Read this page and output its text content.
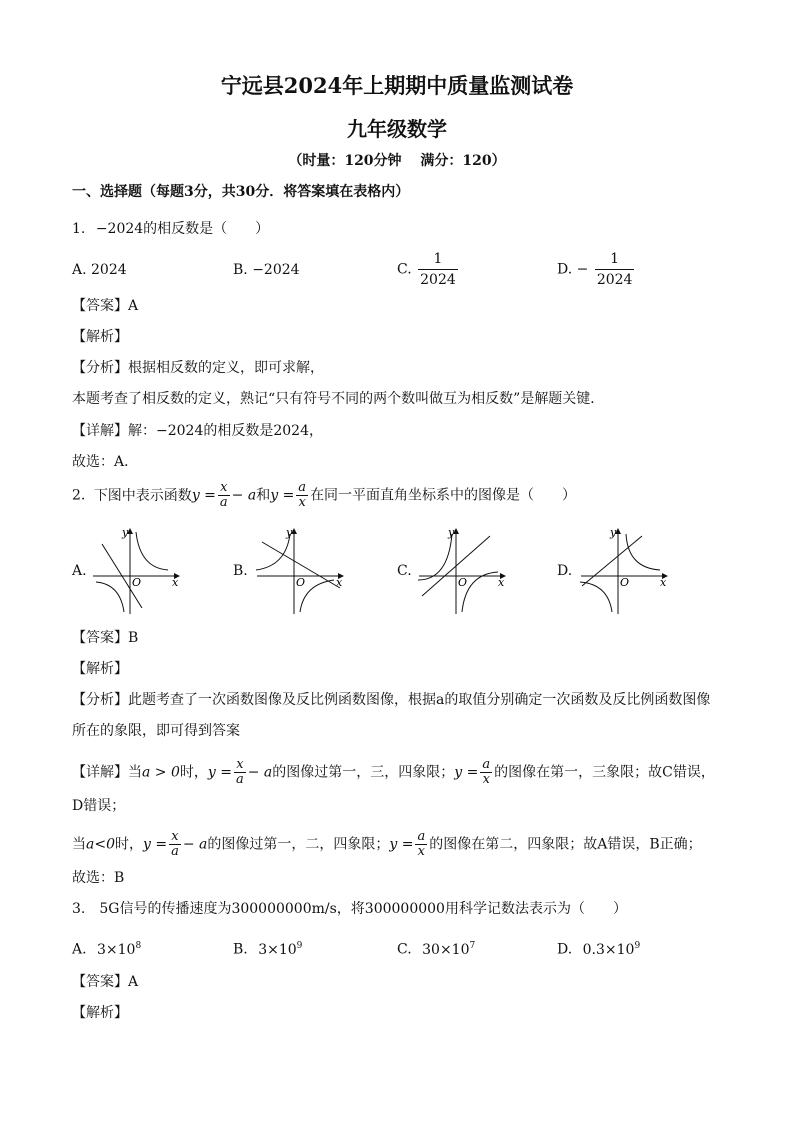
宁远县2024年上期期中质量监测试卷
九年级数学
（时量：120分钟　 满分：120）
一、选择题（每题3分，共30分．将答案填在表格内）
1. −2024的相反数是（　　）
A. 2024	B. −2024	C. $\frac{1}{2024}$	D. − $\frac{1}{2024}$
【答案】A
【解析】
【分析】根据相反数的定义，即可求解，
本题考查了相反数的定义，熟记“只有符号不同的两个数叫做互为相反数”是解题关键．
【详解】解：−2024的相反数是2024，
故选：A．
2. 下图中表示函数$y = \frac{x}{a} - a$和$y = \frac{a}{x}$ 在同一平面直角坐标系中的图像是（　　）
A.
y
x
O
B.
y
x
O
C.
y
x
O
D.
y
x
O
【答案】B
【解析】
【分析】此题考查了一次函数图像及反比例函数图像，根据a的取值分别确定一次函数及反比例函数图像
所在的象限，即可得到答案
【详解】当a > 0时，$y = \frac{x}{a} - a$的图像过第一，三，四象限；$y = \frac{a}{x}$ 的图像在第一，三象限；故C错误，
D错误；
当a<0时，$y = \frac{x}{a} - a$的图像过第一，二，四象限；$y = \frac{a}{x}$ 的图像在第二，四象限；故A错误，B正确；
故选：B
3.　5G信号的传播速度为300000000m/s，将300000000用科学记数法表示为（　　）
A. $3\times 10^8$	B. $3\times 10^9$	C. $30\times 10^7$	D. $0.3\times 10^9$
【答案】A
【解析】
